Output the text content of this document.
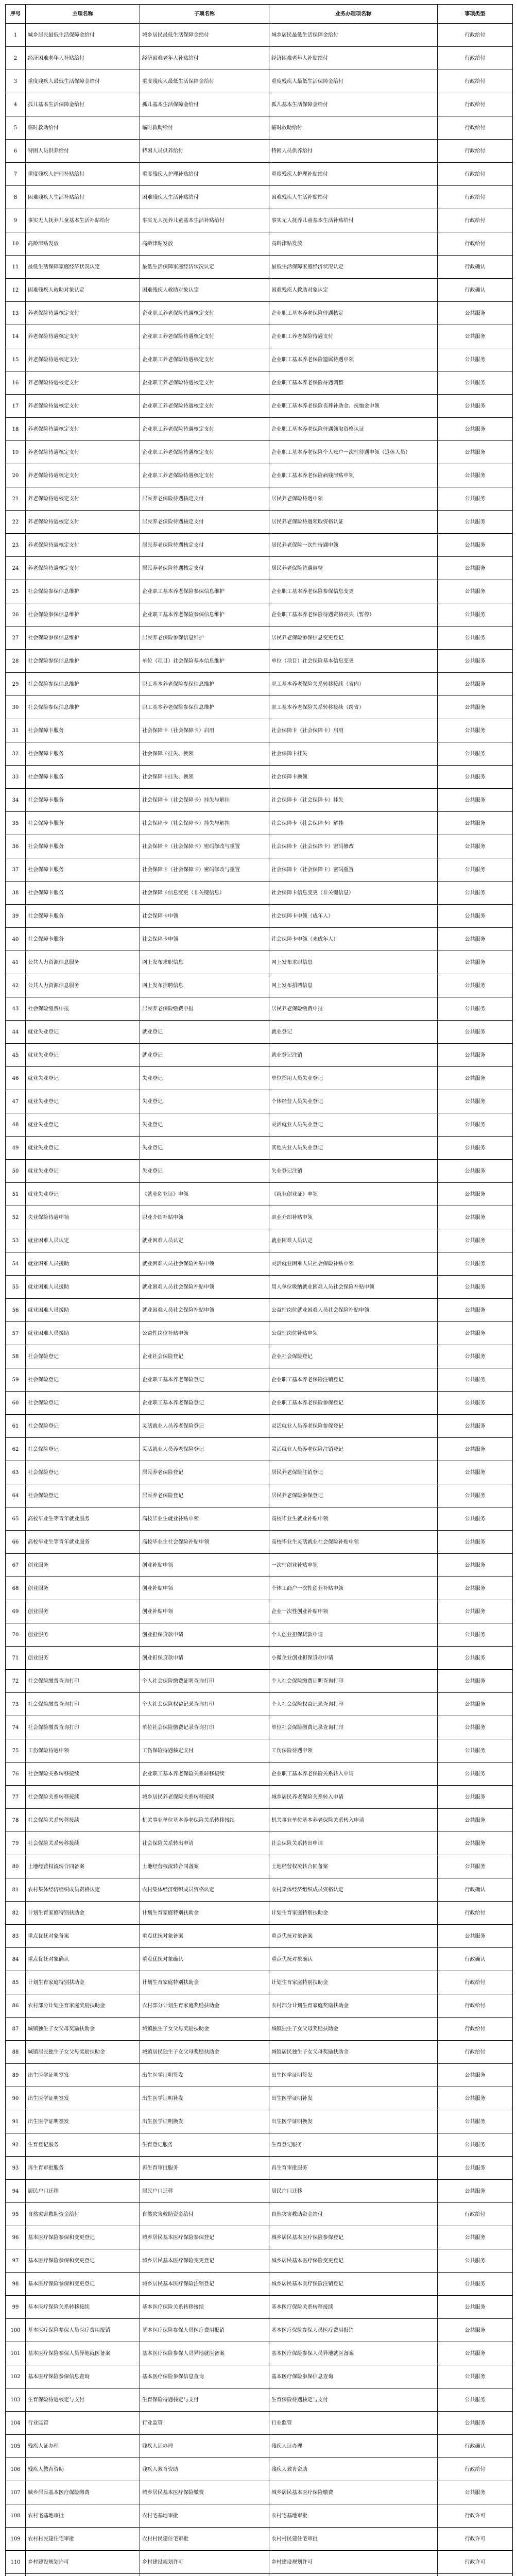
序号	主项名称	子项名称	业务办理项名称	事项类型
1	城乡居民最低生活保障金给付	城乡居民最低生活保障金给付	城乡居民最低生活保障金给付	行政给付
2	经济困难老年人补贴给付	经济困难老年人补贴给付	经济困难老年人补贴给付	行政给付
3	重度残疾人最低生活保障金给付	重度残疾人最低生活保障金给付	重度残疾人最低生活保障金给付	行政给付
4	孤儿基本生活保障金给付	孤儿基本生活保障金给付	孤儿基本生活保障金给付	行政给付
5	临时救助给付	临时救助给付	临时救助给付	行政给付
6	特困人员供养给付	特困人员供养给付	特困人员供养给付	行政给付
7	重度残疾人护理补贴给付	重度残疾人护理补贴给付	重度残疾人护理补贴给付	行政给付
8	困难残疾人生活补贴给付	困难残疾人生活补贴给付	困难残疾人生活补贴给付	行政给付
9	事实无人抚养儿童基本生活补贴给付	事实无人抚养儿童基本生活补贴给付	事实无人抚养儿童基本生活补贴给付	行政给付
10	高龄津贴发放	高龄津贴发放	高龄津贴发放	行政给付
11	最低生活保障家庭经济状况认定	最低生活保障家庭经济状况认定	最低生活保障家庭经济状况认定	行政确认
12	困难残疾人救助对象认定	困难残疾人救助对象认定	困难残疾人救助对象认定	行政确认
13	养老保险待遇核定支付	企业职工养老保险待遇核定支付	企业职工基本养老保险待遇核定	公共服务
14	养老保险待遇核定支付	企业职工养老保险待遇核定支付	企业职工养老保险待遇支付	公共服务
15	养老保险待遇核定支付	企业职工养老保险待遇核定支付	企业职工基本养老保险遗属待遇申领	公共服务
16	养老保险待遇核定支付	企业职工养老保险待遇核定支付	企业职工基本养老保险待遇调整	公共服务
17	养老保险待遇核定支付	企业职工养老保险待遇核定支付	企业职工基本养老保险丧葬补助金、抚恤金申领	公共服务
18	养老保险待遇核定支付	企业职工养老保险待遇核定支付	企业职工基本养老保险待遇领取资格认证	公共服务
19	养老保险待遇核定支付	企业职工养老保险待遇核定支付	企业职工基本养老保险个人账户一次性待遇申领（退休人员）	公共服务
20	养老保险待遇核定支付	企业职工养老保险待遇核定支付	企业职工基本养老保险病残津贴申领	公共服务
21	养老保险待遇核定支付	居民养老保险待遇核定支付	居民养老保险待遇申领	公共服务
22	养老保险待遇核定支付	居民养老保险待遇核定支付	居民养老保险待遇领取资格认证	公共服务
23	养老保险待遇核定支付	居民养老保险待遇核定支付	居民养老保险一次性待遇申领	公共服务
24	养老保险待遇核定支付	居民养老保险待遇核定支付	居民养老保险待遇调整	公共服务
25	社会保险参保信息维护	企业职工基本养老保险参保信息维护	企业职工基本养老保险参保信息变更	公共服务
26	社会保险参保信息维护	企业职工基本养老保险参保信息维护	企业职工基本养老保险待遇资格丧失（暂停）	公共服务
27	社会保险参保信息维护	居民养老保险参保信息维护	居民养老保险参保信息变更登记	公共服务
28	社会保险参保信息维护	单位（项目）社会保险基本信息维护	单位（项目）社会保险基本信息变更	公共服务
29	社会保险参保信息维护	职工基本养老保险参保信息维护	职工基本养老保险关系转移接续（省内）	公共服务
30	社会保险参保信息维护	职工基本养老保险参保信息维护	职工基本养老保险关系转移接续（跨省）	公共服务
31	社会保障卡服务	社会保障卡（社会保障卡）启用	社会保障卡（社会保障卡）启用	公共服务
32	社会保障卡服务	社会保障卡挂失、换领	社会保障卡挂失	公共服务
33	社会保障卡服务	社会保障卡挂失、换领	社会保障卡换领	公共服务
34	社会保障卡服务	社会保障卡（社会保障卡）挂失与解挂	社会保障卡（社会保障卡）挂失	公共服务
35	社会保障卡服务	社会保障卡（社会保障卡）挂失与解挂	社会保障卡（社会保障卡）解挂	公共服务
36	社会保障卡服务	社会保障卡（社会保障卡）密码修改与重置	社会保障卡（社会保障卡）密码修改	公共服务
37	社会保障卡服务	社会保障卡（社会保障卡）密码修改与重置	社会保障卡（社会保障卡）密码重置	公共服务
38	社会保障卡服务	社会保障卡信息变更（非关键信息）	社会保障卡信息变更（非关键信息）	公共服务
39	社会保障卡服务	社会保障卡申领	社会保障卡申领（成年人）	公共服务
40	社会保障卡服务	社会保障卡申领	社会保障卡申领（未成年人）	公共服务
41	公共人力资源信息服务	网上发布求职信息	网上发布求职信息	公共服务
42	公共人力资源信息服务	网上发布招聘信息	网上发布招聘信息	公共服务
43	社会保险缴费申报	居民养老保险缴费申报	居民养老保险缴费申报	公共服务
44	就业失业登记	就业登记	就业登记	公共服务
45	就业失业登记	就业登记	就业登记注销	公共服务
46	就业失业登记	失业登记	单位招用人员失业登记	公共服务
47	就业失业登记	失业登记	个体经营人员失业登记	公共服务
48	就业失业登记	失业登记	灵活就业人员失业登记	公共服务
49	就业失业登记	失业登记	其他失业人员失业登记	公共服务
50	就业失业登记	失业登记	失业登记注销	公共服务
51	就业失业登记	《就业创业证》申领	《就业创业证》申领	公共服务
52	失业保险待遇申领	职业介绍补贴申领	职业介绍补贴申领	公共服务
53	就业困难人员认定	就业困难人员认定	就业困难人员认定	公共服务
54	就业困难人员援助	就业困难人员社会保险补贴申领	灵活就业困难人员社会保险补贴申领	公共服务
55	就业困难人员援助	就业困难人员社会保险补贴申领	用人单位吸纳就业困难人员社会保险补贴申领	公共服务
56	就业困难人员援助	就业困难人员社会保险补贴申领	公益性岗位就业困难人员社会保险补贴申领	公共服务
57	就业困难人员援助	公益性岗位补贴申领	公益性岗位补贴申领	公共服务
58	社会保险登记	企业社会保险登记	企业社会保险登记	公共服务
59	社会保险登记	企业职工基本养老保险登记	企业职工基本养老保险注销登记	公共服务
60	社会保险登记	企业职工基本养老保险登记	企业职工基本养老保险参保登记	公共服务
61	社会保险登记	灵活就业人员养老保险登记	灵活就业人员养老保险参保登记	公共服务
62	社会保险登记	灵活就业人员养老保险登记	灵活就业人员养老保险注销登记	公共服务
63	社会保险登记	居民养老保险登记	居民养老保险注销登记	公共服务
64	社会保险登记	居民养老保险登记	居民养老保险参保登记	公共服务
65	高校毕业生等青年就业服务	高校毕业生就业补贴申领	高校毕业生就业补贴申领	公共服务
66	高校毕业生等青年就业服务	高校毕业生社会保险补贴申领	高校毕业生灵活就业社会保险补贴申领	公共服务
67	创业服务	创业补贴申领	一次性创业补贴申领	公共服务
68	创业服务	创业补贴申领	个体工商户一次性创业补贴申领	公共服务
69	创业服务	创业补贴申领	企业一次性创业补贴申领	公共服务
70	创业服务	创业担保贷款申请	个人创业担保贷款申请	公共服务
71	创业服务	创业担保贷款申请	小微企业创业担保贷款申请	公共服务
72	社会保险缴费查询打印	个人社会保险缴费证明查询打印	个人社会保险缴费证明查询打印	公共服务
73	社会保险缴费查询打印	个人社会保险权益记录查询打印	个人社会保险权益记录查询打印	公共服务
74	社会保险缴费查询打印	单位社会保险缴费记录查询打印	单位社会保险缴费记录查询打印	公共服务
75	工伤保险待遇申领	工伤保险待遇核定支付	工伤保险待遇申领	公共服务
76	社会保险关系转移接续	企业职工基本养老保险关系转移接续	企业职工基本养老保险关系转入申请	公共服务
77	社会保险关系转移接续	城乡居民养老保险关系转移接续	城乡居民养老保险关系转入申请	公共服务
78	社会保险关系转移接续	机关事业单位基本养老保险关系转移接续	机关事业单位基本养老保险关系转入申请	公共服务
79	社会保险关系转移接续	社会保险关系转出申请	社会保险关系转出申请	公共服务
80	土地经营权流转合同备案	土地经营权流转合同备案	土地经营权流转合同备案	公共服务
81	农村集体经济组织成员资格认定	农村集体经济组织成员资格认定	农村集体经济组织成员资格认定	行政确认
82	计划生育家庭特别扶助金	计划生育家庭特别扶助金	计划生育家庭特别扶助金	行政给付
83	重点优抚对象备案	重点优抚对象备案	重点优抚对象备案	公共服务
84	重点优抚对象确认	重点优抚对象确认	重点优抚对象确认	行政确认
85	计划生育家庭特别扶助金	计划生育家庭特别扶助金	计划生育家庭特别扶助金	行政给付
86	农村部分计划生育家庭奖励扶助金	农村部分计划生育家庭奖励扶助金	农村部分计划生育家庭奖励扶助金	行政给付
87	城镇独生子女父母奖励扶助金	城镇独生子女父母奖励扶助金	城镇独生子女父母奖励扶助金	行政给付
88	城镇居民独生子女父母奖励扶助金	城镇居民独生子女父母奖励扶助金	城镇居民独生子女父母奖励扶助金	行政给付
89	出生医学证明签发	出生医学证明签发	出生医学证明签发	公共服务
90	出生医学证明签发	出生医学证明补发	出生医学证明补发	公共服务
91	出生医学证明签发	出生医学证明换发	出生医学证明换发	公共服务
92	生育登记服务	生育登记服务	生育登记服务	公共服务
93	再生育审批服务	再生育审批服务	再生育审批服务	公共服务
94	居民户口迁移	居民户口迁移	居民户口迁移	公共服务
95	自然灾害救助资金给付	自然灾害救助资金给付	自然灾害救助资金给付	行政给付
96	基本医疗保险参保和变更登记	城乡居民基本医疗保险参保登记	城乡居民基本医疗保险参保登记	公共服务
97	基本医疗保险参保和变更登记	城乡居民基本医疗保险变更登记	城乡居民基本医疗保险变更登记	公共服务
98	基本医疗保险参保和变更登记	城乡居民基本医疗保险注销登记	城乡居民基本医疗保险注销登记	公共服务
99	基本医疗保险关系转移接续	基本医疗保险关系转移接续	基本医疗保险关系转移接续	公共服务
100	基本医疗保险参保人员医疗费用报销	基本医疗保险参保人员医疗费用报销	基本医疗保险参保人员医疗费用报销	公共服务
101	基本医疗保险参保人员异地就医备案	基本医疗保险参保人员异地就医备案	基本医疗保险参保人员异地就医备案	公共服务
102	基本医疗保险参保信息查询	基本医疗保险参保信息查询	基本医疗保险参保信息查询	公共服务
103	生育保险待遇核定与支付	生育保险待遇核定与支付	生育保险待遇核定与支付	公共服务
104	行业监管	行业监管	行业监管	公共服务
105	残疾人证办理	残疾人证办理	残疾人证办理	行政确认
106	残疾人教育资助	残疾人教育资助	残疾人教育资助	行政给付
107	城乡居民基本医疗保险缴费	城乡居民基本医疗保险缴费	城乡居民基本医疗保险缴费	公共服务
108	农村宅基地审批	农村宅基地审批	农村宅基地审批	行政许可
109	农村村民建住宅审批	农村村民建住宅审批	农村村民建住宅审批	行政许可
110	乡村建设规划许可	乡村建设规划许可	乡村建设规划许可	行政许可
